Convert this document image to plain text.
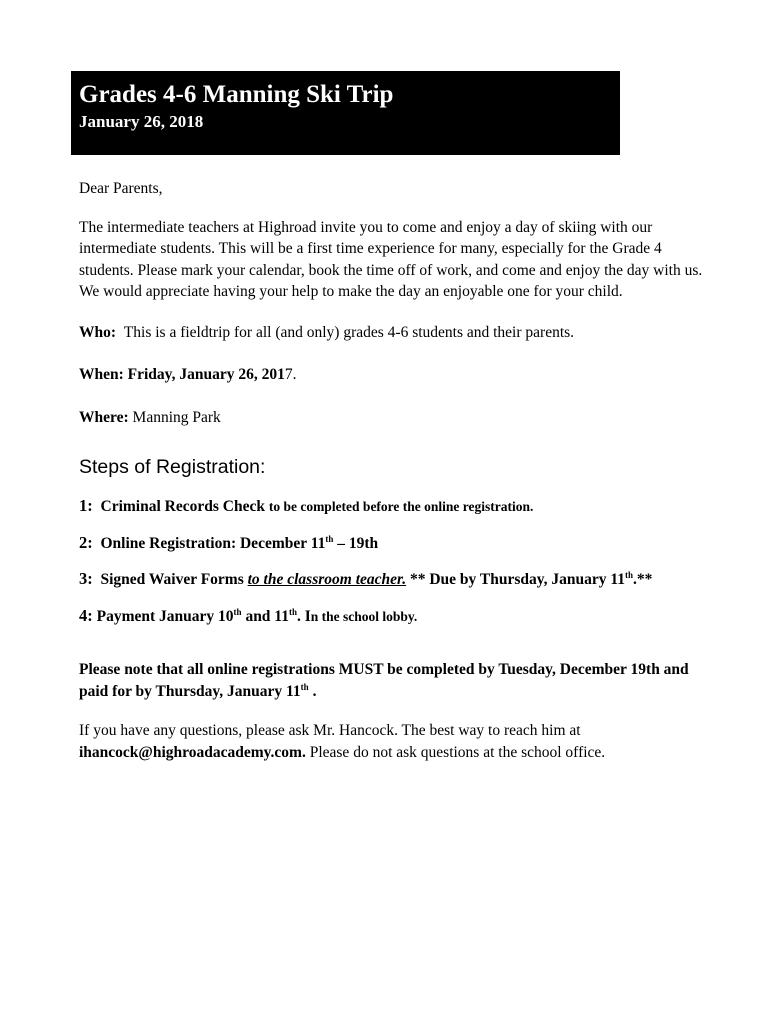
Grades 4-6 Manning Ski Trip
January 26, 2018

Dear Parents,

The intermediate teachers at Highroad invite you to come and enjoy a day of skiing with our intermediate students. This will be a first time experience for many, especially for the Grade 4 students. Please mark your calendar, book the time off of work, and come and enjoy the day with us. We would appreciate having your help to make the day an enjoyable one for your child.

Who: This is a fieldtrip for all (and only) grades 4-6 students and their parents.

When: Friday, January 26, 2017.

Where: Manning Park

Steps of Registration:

1: Criminal Records Check to be completed before the online registration.

2: Online Registration: December 11th – 19th

3: Signed Waiver Forms to the classroom teacher. ** Due by Thursday, January 11th.**

4: Payment January 10th and 11th. In the school lobby.

Please note that all online registrations MUST be completed by Tuesday, December 19th and paid for by Thursday, January 11th .

If you have any questions, please ask Mr. Hancock. The best way to reach him at ihancock@highroadacademy.com. Please do not ask questions at the school office.
